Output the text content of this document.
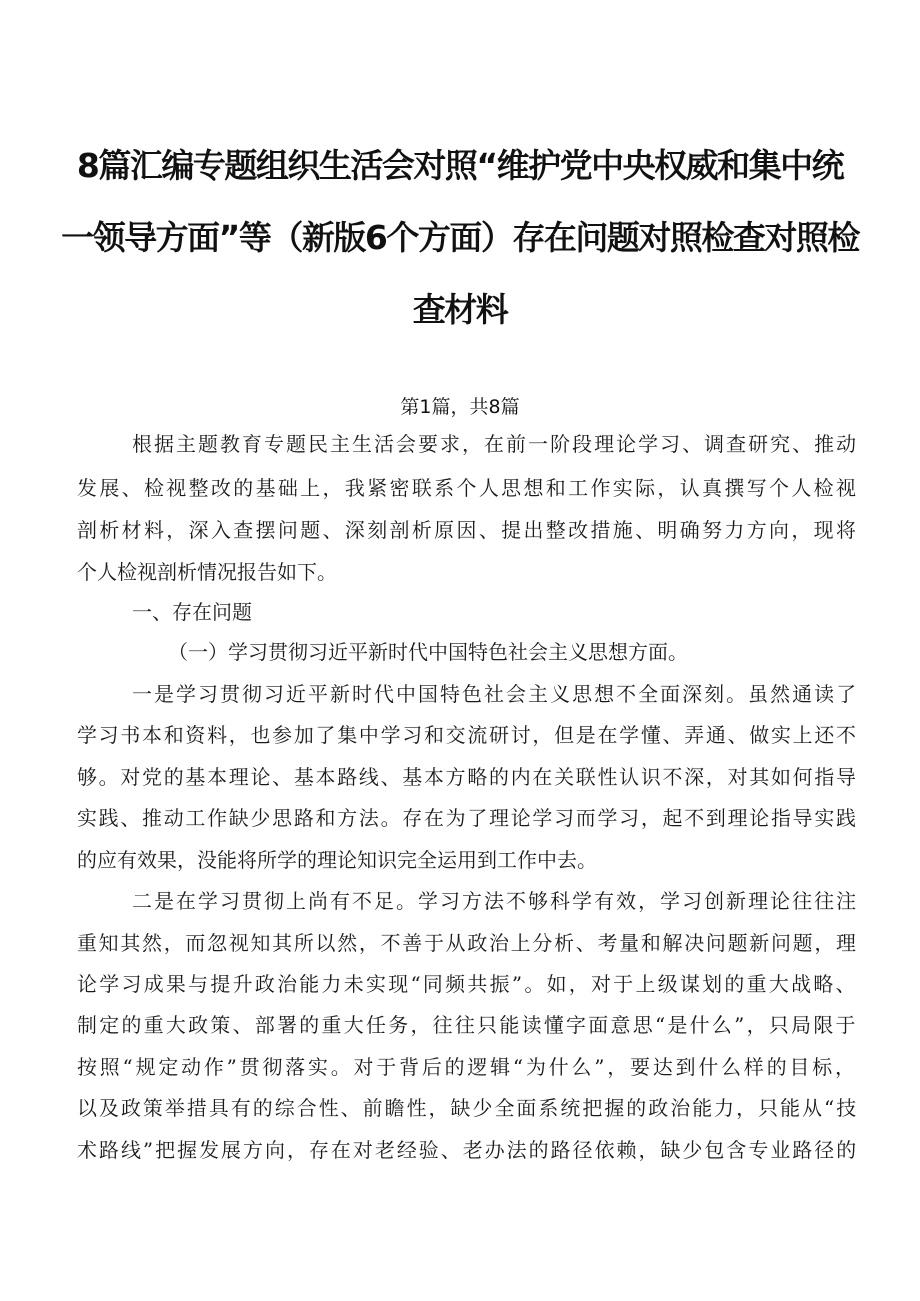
8篇汇编专题组织生活会对照“维护党中央权威和集中统
一领导方面”等（新版6个方面）存在问题对照检查对照检
查材料
第1篇，共8篇
根据主题教育专题民主生活会要求，在前一阶段理论学习、调查研究、推动
发展、检视整改的基础上，我紧密联系个人思想和工作实际，认真撰写个人检视
剖析材料，深入查摆问题、深刻剖析原因、提出整改措施、明确努力方向，现将
个人检视剖析情况报告如下。
一、存在问题
（一）学习贯彻习近平新时代中国特色社会主义思想方面。
一是学习贯彻习近平新时代中国特色社会主义思想不全面深刻。虽然通读了
学习书本和资料，也参加了集中学习和交流研讨，但是在学懂、弄通、做实上还不
够。对党的基本理论、基本路线、基本方略的内在关联性认识不深，对其如何指导
实践、推动工作缺少思路和方法。存在为了理论学习而学习，起不到理论指导实践
的应有效果，没能将所学的理论知识完全运用到工作中去。
二是在学习贯彻上尚有不足。学习方法不够科学有效，学习创新理论往往注
重知其然，而忽视知其所以然，不善于从政治上分析、考量和解决问题新问题，理
论学习成果与提升政治能力未实现“同频共振”。如，对于上级谋划的重大战略、
制定的重大政策、部署的重大任务，往往只能读懂字面意思“是什么”，只局限于
按照“规定动作”贯彻落实。对于背后的逻辑“为什么”，要达到什么样的目标，
以及政策举措具有的综合性、前瞻性，缺少全面系统把握的政治能力，只能从“技
术路线”把握发展方向，存在对老经验、老办法的路径依赖，缺少包含专业路径的
